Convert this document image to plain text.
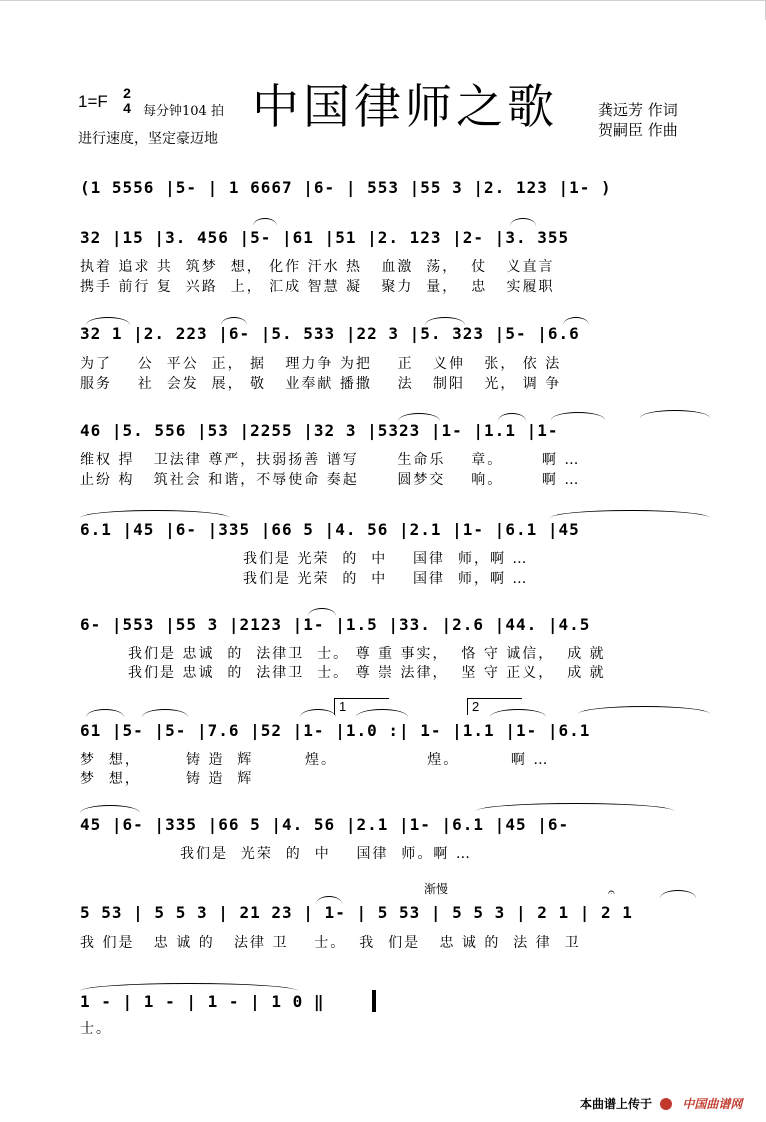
1=F 2
4 每分钟104 拍
进行速度，坚定豪迈地
中国律师之歌	龚远芳 作词
贺嗣臣 作曲
(1 5556 |5- | 1 6667 |6- | 553 |55 3 |2. 123 |1- )
32 |15 |3. 456 |5- |61 |51 |2. 123 |2- |3. 355
执着 追求 共  筑梦  想， 化作 汗水 热   血激  荡，  仗   义直言
携手 前行 复  兴路  上， 汇成 智慧 凝   聚力  量，  忠   实履职
32 1 |2. 223 |6- |5. 533 |22 3 |5. 323 |5- |6.6
为了    公  平公  正， 据   理力争 为把    正   义伸   张， 依 法
服务    社  会发  展， 敬   业奉献 播撒    法   制阳   光， 调 争
46 |5. 556 |53 |2255 |32 3 |5323 |1- |1.1 |1-
维权 捍   卫法律 尊严，扶弱扬善 谱写      生命乐    章。      啊 …
止纷 构   筑社会 和谐，不辱使命 奏起      圆梦交    响。      啊 …
6.1 |45 |6- |335 |66 5 |4. 56 |2.1 |1- |6.1 |45
我们是 光荣  的  中    国律  师，啊 …
我们是 光荣  的  中    国律  师，啊 …
6- |553 |55 3 |2123 |1- |1.5 |33. |2.6 |44. |4.5
我们是 忠诚  的  法律卫  士。 尊 重 事实，  恪 守 诚信，  成 就
我们是 忠诚  的  法律卫  士。 尊 崇 法律，  坚 守 正义，  成 就
1	2
61 |5- |5- |7.6 |52 |1- |1.0 :| 1- |1.1 |1- |6.1
梦  想，       铸 造  辉        煌。              煌。        啊 …
梦  想，       铸 造  辉
45 |6- |335 |66 5 |4. 56 |2.1 |1- |6.1 |45 |6-
我们是  光荣  的  中    国律  师。啊 …
渐慢	𝄐
5 53 | 5 5 3 | 21 23 | 1- | 5 53 | 5 5 3 | 2 1 | 2 1
我 们是   忠 诚 的   法律 卫    士。  我  们是   忠 诚 的  法 律  卫
1 - | 1 - | 1 - | 1 0 ‖
士。
本曲谱上传于	中国曲谱网
